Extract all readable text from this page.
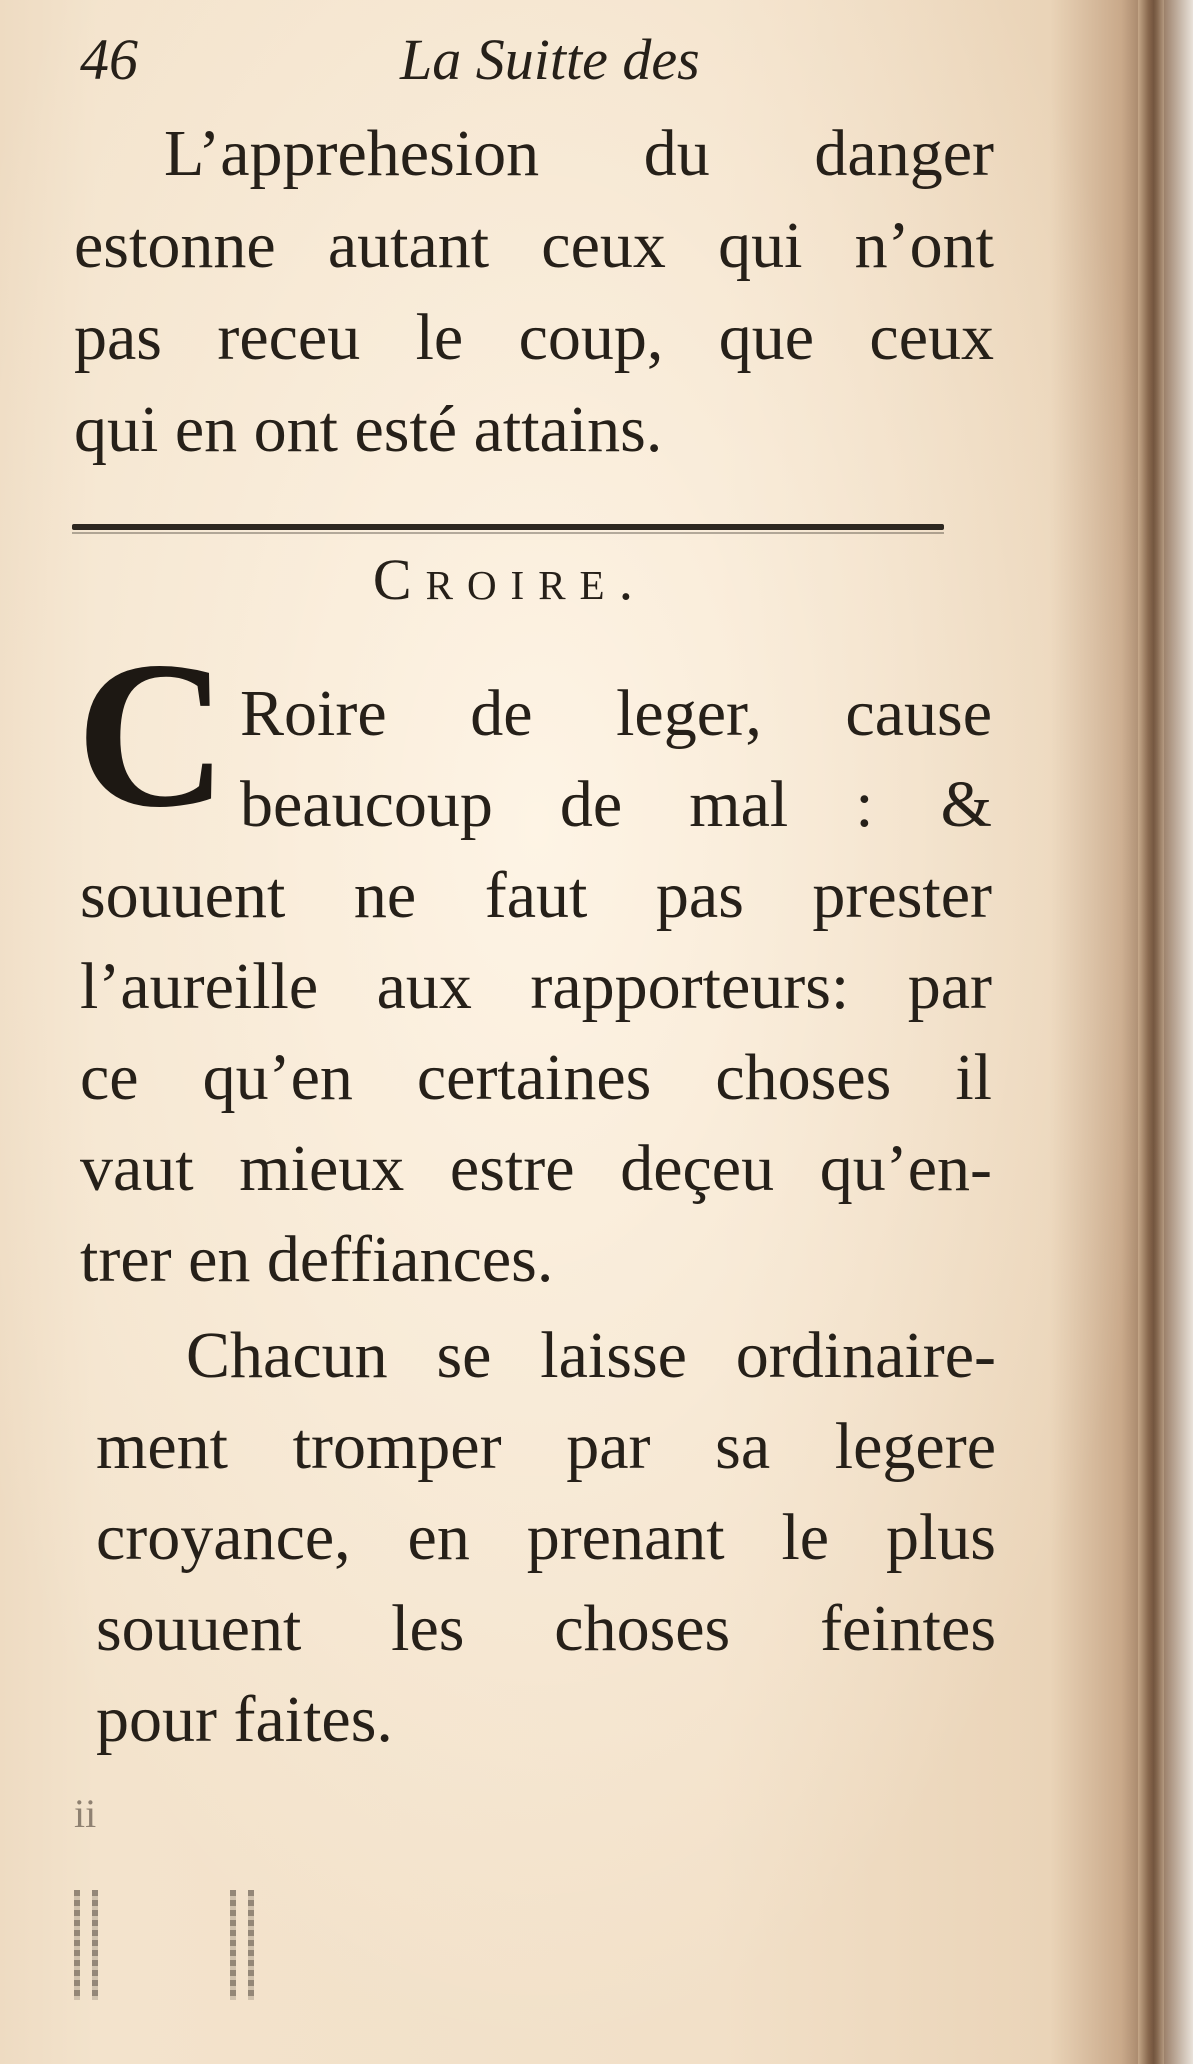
46	La Suitte des
L’apprehesion du danger
estonne autant ceux qui n’ont
pas receu le coup, que ceux
qui en ont esté attains.
Croire.
C Roire de leger, cause
beaucoup de mal : &
souuent ne faut pas prester
l’aureille aux rapporteurs: par
ce qu’en certaines choses il
vaut mieux estre deçeu qu’en-
trer en deffiances.
Chacun se laisse ordinaire-
ment tromper par sa legere
croyance, en prenant le plus
souuent les choses feintes
pour faites.
ii
